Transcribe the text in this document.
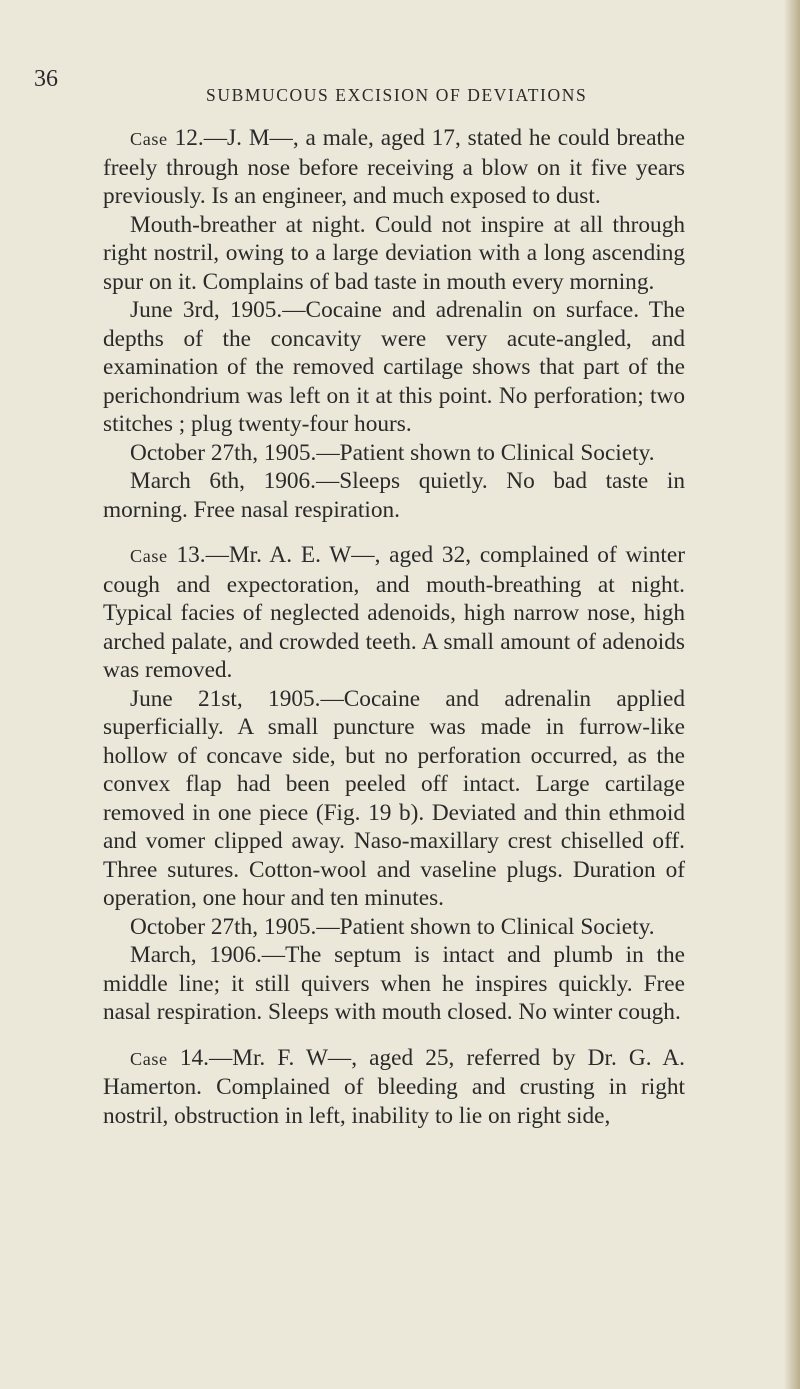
36
SUBMUCOUS EXCISION OF DEVIATIONS

Case 12.—J. M—, a male, aged 17, stated he could breathe freely through nose before receiving a blow on it five years previously. Is an engineer, and much exposed to dust.

Mouth-breather at night. Could not inspire at all through right nostril, owing to a large deviation with a long ascending spur on it. Complains of bad taste in mouth every morning.

June 3rd, 1905.—Cocaine and adrenalin on surface. The depths of the concavity were very acute-angled, and examination of the removed cartilage shows that part of the perichondrium was left on it at this point. No perforation; two stitches ; plug twenty-four hours.

October 27th, 1905.—Patient shown to Clinical Society.

March 6th, 1906.—Sleeps quietly. No bad taste in morning. Free nasal respiration.

Case 13.—Mr. A. E. W—, aged 32, complained of winter cough and expectoration, and mouth-breathing at night. Typical facies of neglected adenoids, high narrow nose, high arched palate, and crowded teeth. A small amount of adenoids was removed.

June 21st, 1905.—Cocaine and adrenalin applied superficially. A small puncture was made in furrow-like hollow of concave side, but no perforation occurred, as the convex flap had been peeled off intact. Large cartilage removed in one piece (Fig. 19 b). Deviated and thin ethmoid and vomer clipped away. Naso-maxillary crest chiselled off. Three sutures. Cotton-wool and vaseline plugs. Duration of operation, one hour and ten minutes.

October 27th, 1905.—Patient shown to Clinical Society.

March, 1906.—The septum is intact and plumb in the middle line; it still quivers when he inspires quickly. Free nasal respiration. Sleeps with mouth closed. No winter cough.

Case 14.—Mr. F. W—, aged 25, referred by Dr. G. A. Hamerton. Complained of bleeding and crusting in right nostril, obstruction in left, inability to lie on right side,
